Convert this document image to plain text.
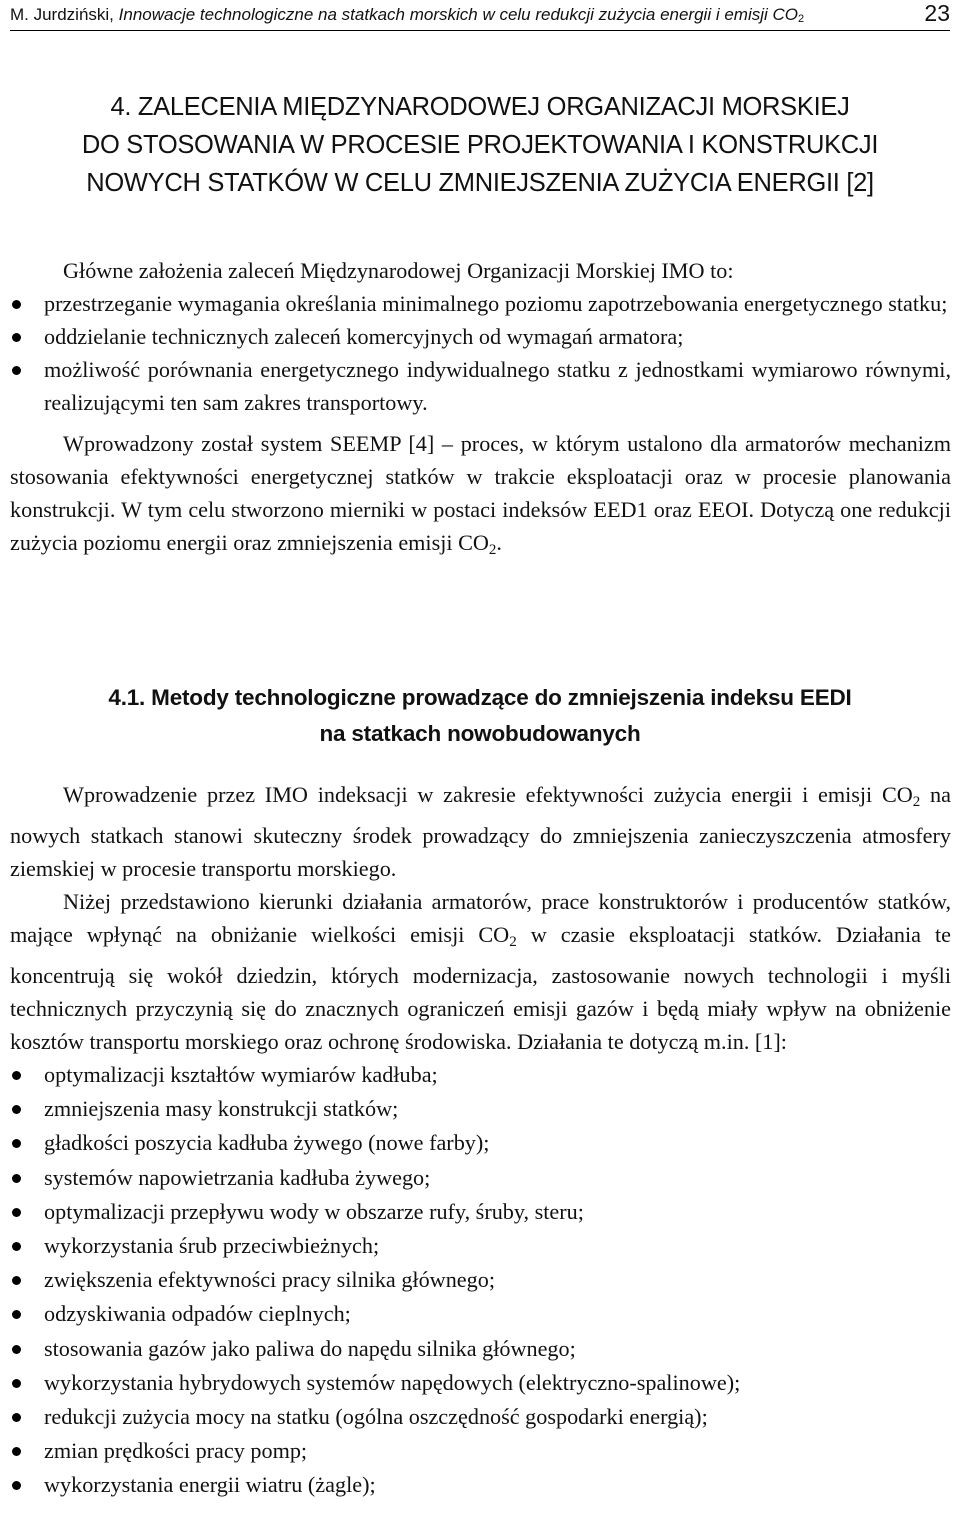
M. Jurdziński, Innowacje technologiczne na statkach morskich w celu redukcji zużycia energii i emisji $CO_2$	23
4. ZALECENIA MIĘDZYNARODOWEJ ORGANIZACJI MORSKIEJ
DO STOSOWANIA W PROCESIE PROJEKTOWANIA I KONSTRUKCJI
NOWYCH STATKÓW W CELU ZMNIEJSZENIA ZUŻYCIA ENERGII [2]

Główne założenia zaleceń Międzynarodowej Organizacji Morskiej IMO to:

przestrzeganie wymagania określania minimalnego poziomu zapotrzebowania energetycznego statku;
oddzielanie technicznych zaleceń komercyjnych od wymagań armatora;
możliwość porównania energetycznego indywidualnego statku z jednostkami wymiarowo równymi, realizującymi ten sam zakres transportowy.

Wprowadzony został system SEEMP [4] – proces, w którym ustalono dla armatorów mechanizm stosowania efektywności energetycznej statków w trakcie eksploatacji oraz w procesie planowania konstrukcji. W tym celu stworzono mierniki w postaci indeksów EED1 oraz EEOI. Dotyczą one redukcji zużycia poziomu energii oraz zmniejszenia emisji $CO_2$.

4.1. Metody technologiczne prowadzące do zmniejszenia indeksu EEDI
na statkach nowobudowanych

Wprowadzenie przez IMO indeksacji w zakresie efektywności zużycia energii i emisji $CO_2$ na nowych statkach stanowi skuteczny środek prowadzący do zmniejszenia zanieczyszczenia atmosfery ziemskiej w procesie transportu morskiego.

Niżej przedstawiono kierunki działania armatorów, prace konstruktorów i producentów statków, mające wpłynąć na obniżanie wielkości emisji $CO_2$ w czasie eksploatacji statków. Działania te koncentrują się wokół dziedzin, których modernizacja, zastosowanie nowych technologii i myśli technicznych przyczynią się do znacznych ograniczeń emisji gazów i będą miały wpływ na obniżenie kosztów transportu morskiego oraz ochronę środowiska. Działania te dotyczą m.in. [1]:

optymalizacji kształtów wymiarów kadłuba;
zmniejszenia masy konstrukcji statków;
gładkości poszycia kadłuba żywego (nowe farby);
systemów napowietrzania kadłuba żywego;
optymalizacji przepływu wody w obszarze rufy, śruby, steru;
wykorzystania śrub przeciwbieżnych;
zwiększenia efektywności pracy silnika głównego;
odzyskiwania odpadów cieplnych;
stosowania gazów jako paliwa do napędu silnika głównego;
wykorzystania hybrydowych systemów napędowych (elektryczno-spalinowe);
redukcji zużycia mocy na statku (ogólna oszczędność gospodarki energią);
zmian prędkości pracy pomp;
wykorzystania energii wiatru (żagle);
